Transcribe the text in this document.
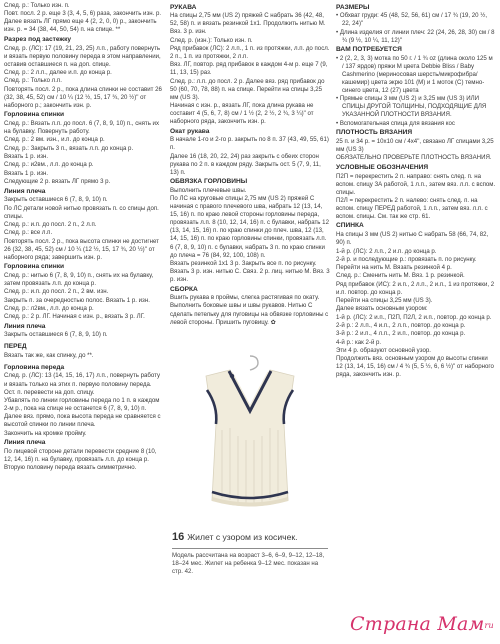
След. р.: Только изн. п.
Повт. посл. 2 р. еще 3 (3, 4, 5, 6) раза, закончить изн. р. Далее вязать ЛГ прямо еще 4 (2, 2, 0, 0) р., закончить изн. р. = 34 (38, 44, 50, 54) п. на спице. **
Разрез под застежку
След. р. (ЛС): 17 (19, 21, 23, 25) л.п., работу повернуть и вязать первую половину переда в этом направлении, оставив оставшиеся п. на доп. спице.
След. р.: 2 л.п., далее и.п. до конца р.
След. р.: Только л.п.
Повторять посл. 2 р., пока длина спинки не составит 26 (32, 38, 45, 52) см / 10 ¼ (12 ½, 15, 17 ¾, 20 ½)" от наборного р.; закончить изн. р.
Горловина спинки
След. р.: Вязать л.п. до посл. 6 (7, 8, 9, 10) п., снять их на булавку. Повернуть работу.
След. р.: 2 вм. изн., и.п. до конца р.
След. р.: Закрыть 3 п., вязать л.п. до конца р.
Вязать 1 р. изн.
След. р.: и2вм., л.п. до конца р.
Вязать 1 р. изн.
Следующие 2 р. вязать ЛГ прямо 3 р.
Линия плеча
Закрыть оставшиеся 6 (7, 8, 9, 10) п.
По ЛС детали новой нитью провязать п. со спицы доп. спицы.
След. р.: и.п. до посл. 2 п., 2 л.п.
След. р.: все л.п.
Повторять посл. 2 р., пока высота спинки не достигнет 26 (32, 38, 45, 52) см / 10 ¼ (12 ½, 15, 17 ¾, 20 ½)" от наборного ряда; завершить изн. р.
Горловина спинки
След. р.: нитью 6 (7, 8, 9, 10) п., снять их на булавку, затем провязать л.п. до конца р.
След. р.: и.п. до посл. 2 п., 2 вм. изн.
Закрыть п. за очередностью полос. Вязать 1 р. изн.
След. р.: л2вм., л.п. до конца р.
След. р.: 2 р. ЛГ. Начиная с изн. р., вязать 3 р. ЛГ.
Линия плеча
Закрыть оставшиеся 6 (7, 8, 9, 10) п.
ПЕРЕД
Вязать так же, как спинку, до **.
Горловина переда
След. р. (ЛС): 13 (14, 15, 16, 17) л.п., повернуть работу и вязать только на этих п. первую половину переда. Ост. п. перевести на доп. спицу.
Убавлять по линии горловины переда по 1 п. в каждом 2-м р., пока на спице не останется 6 (7, 8, 9, 10) п.
Далее вяз. прямо, пока высота переда не сравняется с высотой спинки по линии плеча.
Закончить на кромке пройму.
Линия плеча
По лицевой стороне детали перевести средние 8 (10, 12, 14, 16) п. на булавку, провязать л.п. до конца р.
Вторую половину переда вязать симметрично.
РУКАВА
На спицы 2,75 мм (US 2) пряжей С набрать 36 (42, 48, 52, 58) п. и вязать резинкой 1x1. Продолжить нитью M. Вяз. 3 р. изн.
След. р. (изн.): Только изн. п.
Ряд прибавок (ЛС): 2 л.п., 1 п. из протяжки, л.п. до посл. 2 п., 1 п. из протяжки, 2 л.п.
Вяз. ЛГ, повтор. ряд прибавок в каждом 4-м р. еще 7 (9, 11, 13, 15) раз.
След. р.: л.п. до посл. 2 р. Далее вяз. ряд прибавок до 50 (60, 70, 78, 88) п. на спице. Перейти на спицы 3,25 мм (US 3).
Начиная с изн. р., вязать ЛГ, пока длина рукава не составит 4 (5, 6, 7, 8) см / 1 ½ (2, 2 ½, 2 ¾, 3 ¼)" от наборного ряда, закончить изн. р.
Окат рукава
В начале 1-го и 2-го р. закрыть по 8 п. 37 (43, 49, 55, 61) п.
Далее 16 (18, 20, 22, 24) раз закрыть с обеих сторон рукава по 2 п. в каждом ряду. Закрыть ост. 5 (7, 9, 11, 13) п.
ОБВЯЗКА ГОРЛОВИНЫ
Выполнить плечевые швы.
По ЛС на круговые спицы 2,75 мм (US 2) пряжей С начиная с правого плечевого шва, набрать 12 (13, 14, 15, 16) п. по краю левой стороны горловины переда, провязать л.п. 8 (10, 12, 14, 16) п. с булавки, набрать 12 (13, 14, 15, 16) п. по краю спинки до плеч. шва, 12 (13, 14, 15, 16) п. по краю горловины спинки, провязать л.п. 6 (7, 8, 9, 10) п. с булавки, набрать 3 п. по краю спинки до плеча = 76 (84, 92, 100, 108) п.
Вязать резинкой 1x1 3 р. Закрыть все п. по рисунку.
Вязать 3 р. изн. нитью С. Связ. 2 р. лиц. нитью М. Вяз. 3 р. изн.
СБОРКА
Вшить рукава в проймы, слегка растягивая по окату. Выполнить боковые швы и швы рукавов. Нитью С сделать петельку для пуговицы на обвязке горловины с левой стороны. Пришить пуговицу. ✿
РАЗМЕРЫ
• Обхват груди: 45 (48, 52, 56, 61) см / 17 ¾ (19, 20 ½, 22, 24)"
• Длина изделия от линии плеч: 22 (24, 26, 28, 30) см / 8 ¾ (9 ½, 10 ¼, 11, 12)"
ВАМ ПОТРЕБУЕТСЯ
• 2 (2, 2, 3, 3) мотка по 50 г. / 1 ¾ oz (длина около 125 м / 137 ярдов) пряжи М цвета Debbie Bliss / Baby Cashmerino (мериносовая шерсть/микрофибра/кашемир) цвета экрю 101 (M) и 1 моток (С) темно-синего цвета, 12 (27) цвета
• Прямые спицы 3 мм (US 2) и 3,25 мм (US 3) ИЛИ СПИЦЫ ДРУГОЙ ТОЛЩИНЫ, ПОДХОДЯЩИЕ ДЛЯ УКАЗАННОЙ ПЛОТНОСТИ ВЯЗАНИЯ.
• Вспомогательная спица для вязания кос
ПЛОТНОСТЬ ВЯЗАНИЯ
25 п. и 34 р. = 10x10 см / 4x4", связано ЛГ спицами 3,25 мм (US 3)
ОБЯЗАТЕЛЬНО ПРОВЕРЬТЕ ПЛОТНОСТЬ ВЯЗАНИЯ.
УСЛОВНЫЕ ОБОЗНАЧЕНИЯ
П2П = перекрестить 2 п. направо: снять след. п. на вспом. спицу ЗА работой, 1 л.п., затем вяз. л.п. с вспом. спицы.
П2Л = перекрестить 2 п. налево: снять след. п. на вспом. спицу ПЕРЕД работой, 1 л.п., затем вяз. л.п. с вспом. спицы. См. так же стр. 61.
СПИНКА
На спицы 3 мм (US 2) нитью С набрать 58 (66, 74, 82, 90) п.
1-й р. (ЛС): 2 л.п., 2 и.п. до конца р.
2-й р. и последующие р.: провязать п. по рисунку. Перейти на нить М. Вязать резинкой 4 р.
След. р.: Сменить нить М. Вяз. 1 р. резинкой.
Ряд прибавок (ИС): 2 и.п., 2 л.п., 2 и.п., 1 из протяжки, 2 и.п. повтор. до конца р.
Перейти на спицы 3,25 мм (US 3).
Далее вязать основным узором:
1-й р. (ЛС): 2 и.п., П2П, П2Л, 2 и.п., повтор. до конца р.
2-й р.: 2 л.п., 4 и.п., 2 л.п., повтор. до конца р.
3-й р.: 2 и.п., 4 л.п., 2 и.п., повтор. до конца р.
4-й р.: как 2-й р.
Эти 4 р. образуют основной узор.
Продолжить вяз. основным узором до высоты спинки 12 (13, 14, 15, 16) см / 4 ¾ (5, 5 ½, 6, 6 ½)" от наборного ряда, закончить изн. р.
16 Жилет с узором из косичек.
Модель рассчитана на возраст 3–6, 6–9, 9–12, 12–18, 18–24 мес. Жилет на ребенка 9–12 мес. показан на стр. 42.
Страна Мамru
